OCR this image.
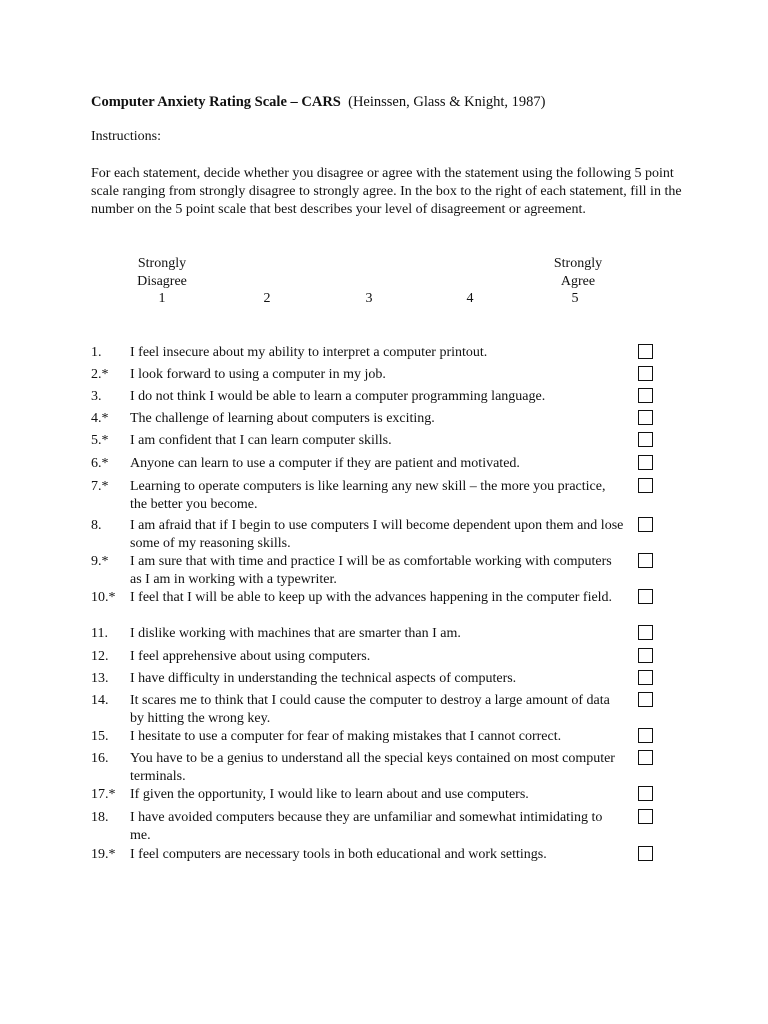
Computer Anxiety Rating Scale – CARS (Heinssen, Glass & Knight, 1987)
Instructions:
For each statement, decide whether you disagree or agree with the statement using the following 5 point scale ranging from strongly disagree to strongly agree. In the box to the right of each statement, fill in the number on the 5 point scale that best describes your level of disagreement or agreement.
Strongly
Disagree
Strongly
Agree
1	2	3	4	5
1.	I feel insecure about my ability to interpret a computer printout.
2.*	I look forward to using a computer in my job.
3.	I do not think I would be able to learn a computer programming language.
4.*	The challenge of learning about computers is exciting.
5.*	I am confident that I can learn computer skills.
6.*	Anyone can learn to use a computer if they are patient and motivated.
7.*	Learning to operate computers is like learning any new skill – the more you practice, the better you become.
8.	I am afraid that if I begin to use computers I will become dependent upon them and lose some of my reasoning skills.
9.*	I am sure that with time and practice I will be as comfortable working with computers as I am in working with a typewriter.
10.*	I feel that I will be able to keep up with the advances happening in the computer field.
11.	I dislike working with machines that are smarter than I am.
12.	I feel apprehensive about using computers.
13.	I have difficulty in understanding the technical aspects of computers.
14.	It scares me to think that I could cause the computer to destroy a large amount of data by hitting the wrong key.
15.	I hesitate to use a computer for fear of making mistakes that I cannot correct.
16.	You have to be a genius to understand all the special keys contained on most computer terminals.
17.*	If given the opportunity, I would like to learn about and use computers.
18.	I have avoided computers because they are unfamiliar and somewhat intimidating to me.
19.*	I feel computers are necessary tools in both educational and work settings.
